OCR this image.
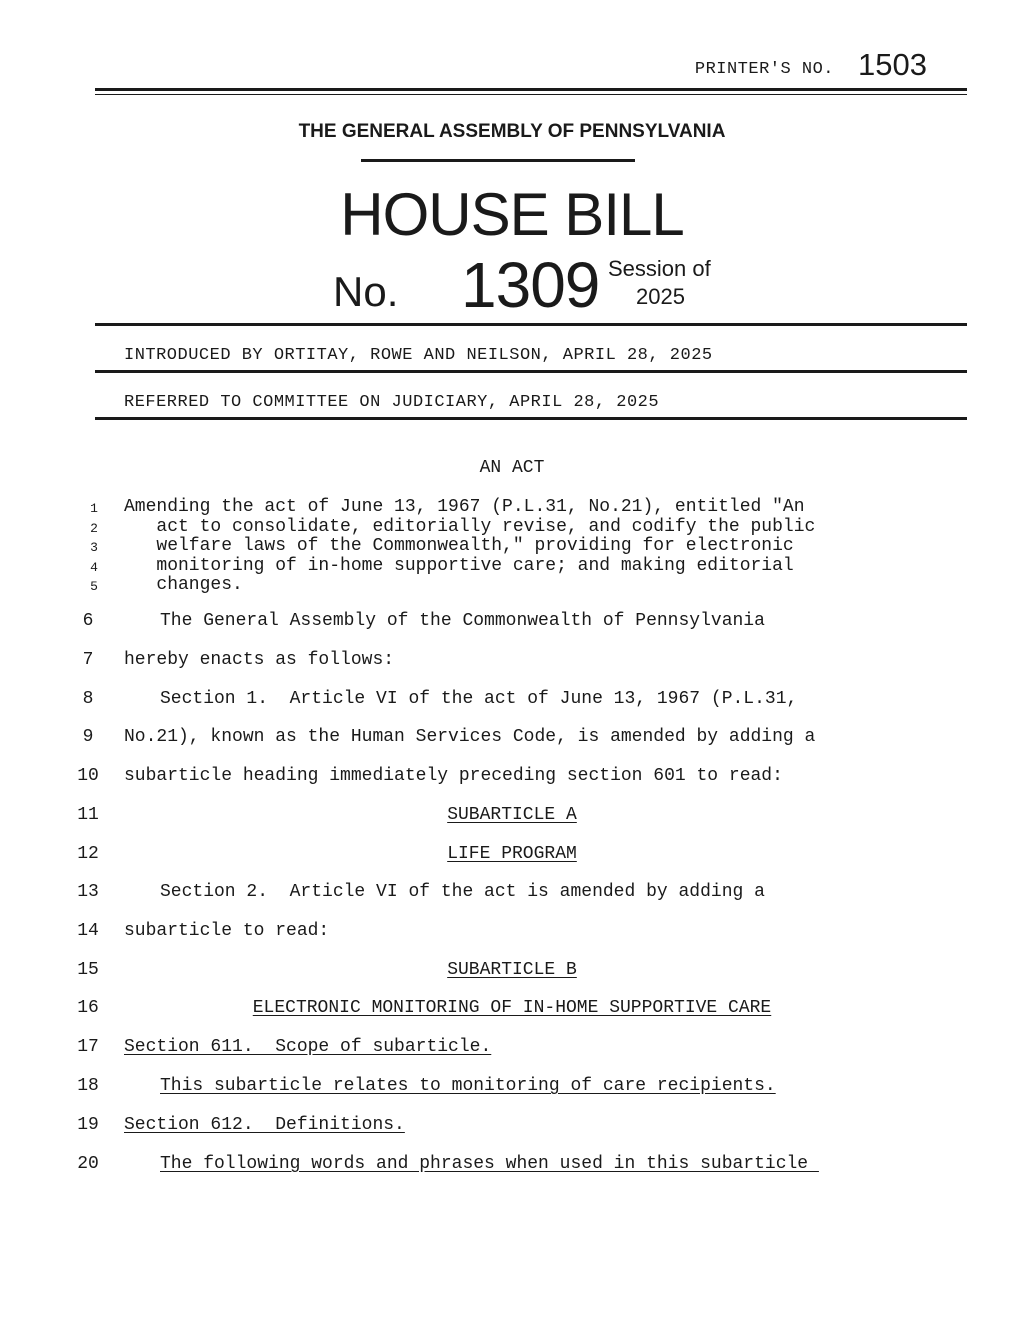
PRINTER'S NO. 1503
THE GENERAL ASSEMBLY OF PENNSYLVANIA
HOUSE BILL
No. 1309 Session of
2025
INTRODUCED BY ORTITAY, ROWE AND NEILSON, APRIL 28, 2025
REFERRED TO COMMITTEE ON JUDICIARY, APRIL 28, 2025
AN ACT
1
2
3
4
5
Amending the act of June 13, 1967 (P.L.31, No.21), entitled "An
act to consolidate, editorially revise, and codify the public
welfare laws of the Commonwealth," providing for electronic
monitoring of in-home supportive care; and making editorial
changes.
6	The General Assembly of the Commonwealth of Pennsylvania
7	hereby enacts as follows:
8	Section 1.  Article VI of the act of June 13, 1967 (P.L.31,
9	No.21), known as the Human Services Code, is amended by adding a
10	subarticle heading immediately preceding section 601 to read:
11	SUBARTICLE A
12	LIFE PROGRAM
13	Section 2.  Article VI of the act is amended by adding a
14	subarticle to read:
15	SUBARTICLE B
16	ELECTRONIC MONITORING OF IN-HOME SUPPORTIVE CARE
17	Section 611.  Scope of subarticle.
18	This subarticle relates to monitoring of care recipients.
19	Section 612.  Definitions.
20	The following words and phrases when used in this subarticle
